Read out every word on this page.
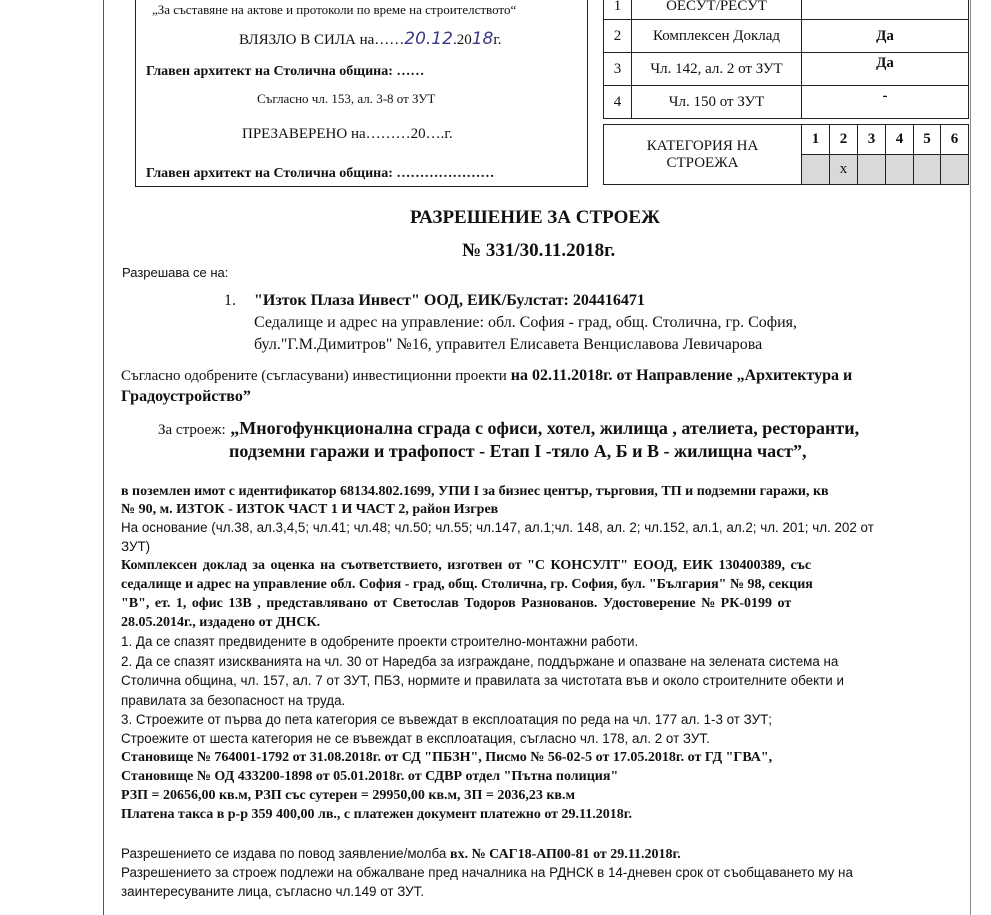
„За съставяне на актове и протоколи по време на строителството“
ВЛЯЗЛО В СИЛА на……20.12.2018г.
Главен архитект на Столична община: ……
Съгласно чл. 153, ал. 3-8 от ЗУТ
ПРЕЗАВЕРЕНО на………20….г.
Главен архитект на Столична община: …………………
1	ОЕСУТ/РЕСУТ						
2	Комплексен Доклад	Да					
3	Чл. 142, ал. 2 от ЗУТ	Да					
4	Чл. 150 от ЗУТ	-					

КАТЕГОРИЯ НА
СТРОЕЖА		1	2	3	4	5	6
			x				
РАЗРЕШЕНИЕ ЗА СТРОЕЖ
№ 331/30.11.2018г.
Разрешава се на:
1. "Изток Плаза Инвест" ООД, ЕИК/Булстат: 204416471
Седалище и адрес на управление: обл. София - град, общ. Столична, гр. София,
бул."Г.М.Димитров" №16, управител Елисавета Венциславова Левичарова
Съгласно одобрените (съгласувани) инвестиционни проекти на 02.11.2018г. от Направление „Архитектура и
Градоустройство”
За строеж: „Многофункционална сграда с офиси, хотел, жилища , ателиета, ресторанти,
подземни гаражи и трафопост - Етап I -тяло А, Б и В - жилищна част”,
в поземлен имот с идентификатор 68134.802.1699, УПИ I за бизнес център, търговия, ТП и подземни гаражи, кв
№ 90, м. ИЗТОК - ИЗТОК ЧАСТ 1 И ЧАСТ 2, район Изгрев
На основание (чл.38, ал.3,4,5; чл.41; чл.48; чл.50; чл.55; чл.147, ал.1;чл. 148, ал. 2; чл.152, ал.1, ал.2; чл. 201; чл. 202 от
ЗУТ)
Комплексен доклад за оценка на съответствието, изготвен от "С КОНСУЛТ" ЕООД, ЕИК 130400389, със
седалище и адрес на управление обл. София - град, общ. Столична, гр. София, бул. "България" № 98, секция
"В", ет. 1, офис 13В , представлявано от Светослав Тодоров Разнованов. Удостоверение № РК-0199 от
28.05.2014г., издадено от ДНСК.
1. Да се спазят предвидените в одобрените проекти строително-монтажни работи.
2. Да се спазят изискванията на чл. 30 от Наредба за изграждане, поддържане и опазване на зелената система на
Столична община, чл. 157, ал. 7 от ЗУТ, ПБЗ, нормите и правилата за чистотата във и около строителните обекти и
правилата за безопасност на труда.
3. Строежите от първа до пета категория се въвеждат в експлоатация по реда на чл. 177 ал. 1-3 от ЗУТ;
Строежите от шеста категория не се въвеждат в експлоатация, съгласно чл. 178, ал. 2 от ЗУТ.
Становище № 764001-1792 от 31.08.2018г. от СД "ПБЗН", Писмо № 56-02-5 от 17.05.2018г. от ГД "ГВА",
Становище № ОД 433200-1898 от 05.01.2018г. от СДВР отдел "Пътна полиция"
РЗП = 20656,00 кв.м, РЗП със сутерен = 29950,00 кв.м, ЗП = 2036,23 кв.м
Платена такса в р-р 359 400,00 лв., с платежен документ платежно от 29.11.2018г.
Разрешението се издава по повод заявление/молба вх. № САГ18-АП00-81 от 29.11.2018г.
Разрешението за строеж подлежи на обжалване пред началника на РДНСК в 14-дневен срок от съобщаването му на
заинтересуваните лица, съгласно чл.149 от ЗУТ.
